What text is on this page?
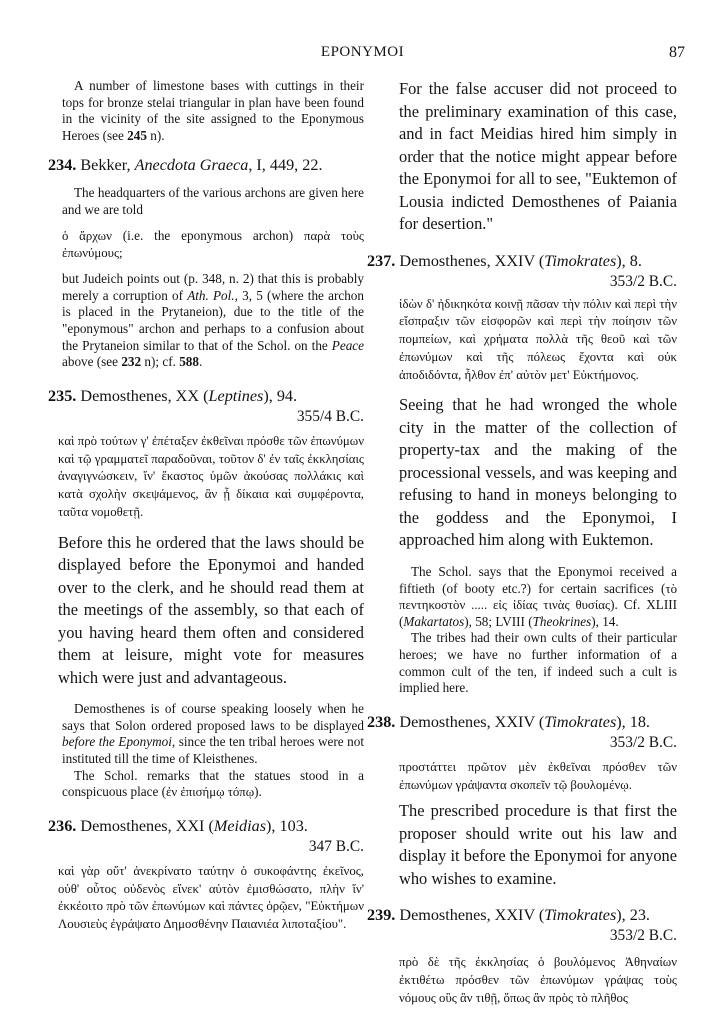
EPONYMOI	87

A number of limestone bases with cuttings in their tops for bronze stelai triangular in plan have been found in the vicinity of the site assigned to the Eponymous Heroes (see 245 n).

234. Bekker, Anecdota Graeca, I, 449, 22.

The headquarters of the various archons are given here and we are told

ὁ ἄρχων (i.e. the eponymous archon) παρὰ τοὺς ἐπωνύμους;

but Judeich points out (p. 348, n. 2) that this is probably merely a corruption of Ath. Pol., 3, 5 (where the archon is placed in the Prytaneion), due to the title of the "eponymous" archon and perhaps to a confusion about the Prytaneion similar to that of the Schol. on the Peace above (see 232 n); cf. 588.

235. Demosthenes, XX (Leptines), 94.

355/4 B.C.

καὶ πρὸ τούτων γ' ἐπέταξεν ἐκθεῖναι πρόσθε τῶν ἐπωνύμων καὶ τῷ γραμματεῖ παραδοῦναι, τοῦτον δ' ἐν ταῖς ἐκκλησίαις ἀναγιγνώσκειν, ἵν' ἕκαστος ὑμῶν ἀκούσας πολλάκις καὶ κατὰ σχολὴν σκεψάμενος, ἃν ᾖ δίκαια καὶ συμφέροντα, ταῦτα νομοθετῇ.

Before this he ordered that the laws should be displayed before the Eponymoi and handed over to the clerk, and he should read them at the meetings of the assembly, so that each of you having heard them often and considered them at leisure, might vote for measures which were just and advantageous.

Demosthenes is of course speaking loosely when he says that Solon ordered proposed laws to be displayed before the Eponymoi, since the ten tribal heroes were not instituted till the time of Kleisthenes.

The Schol. remarks that the statues stood in a conspicuous place (ἐν ἐπισήμῳ τόπῳ).

236. Demosthenes, XXI (Meidias), 103.

347 B.C.

καὶ γὰρ οὔτ' ἀνεκρίνατο ταύτην ὁ συκοφάντης ἐκεῖνος, οὐθ' οὗτος οὐδενὸς εἵνεκ' αὐτὸν ἐμισθώσατο, πλὴν ἵν' ἐκκέοιτο πρὸ τῶν ἐπωνύμων καὶ πάντες ὁρῷεν, "Εὐκτήμων Λουσιεὺς ἐγράψατο Δημοσθένην Παιανιέα λιποταξίου".

For the false accuser did not proceed to the preliminary examination of this case, and in fact Meidias hired him simply in order that the notice might appear before the Eponymoi for all to see, "Euktemon of Lousia indicted Demosthenes of Paiania for desertion."

237. Demosthenes, XXIV (Timokrates), 8.

353/2 B.C.

ἰδὼν δ' ἠδικηκότα κοινῇ πᾶσαν τὴν πόλιν καὶ περὶ τὴν εἴσπραξιν τῶν εἰσφορῶν καὶ περὶ τὴν ποίησιν τῶν πομπείων, καὶ χρήματα πολλὰ τῆς θεοῦ καὶ τῶν ἐπωνύμων καὶ τῆς πόλεως ἔχοντα καὶ οὐκ ἀποδιδόντα, ἦλθον ἐπ' αὐτὸν μετ' Εὐκτήμονος.

Seeing that he had wronged the whole city in the matter of the collection of property-tax and the making of the processional vessels, and was keeping and refusing to hand in moneys belonging to the goddess and the Eponymoi, I approached him along with Euktemon.

The Schol. says that the Eponymoi received a fiftieth (of booty etc.?) for certain sacrifices (τὸ πεντηκοστὸν ..... εἰς ἰδίας τινὰς θυσίας). Cf. XLIII (Makartatos), 58; LVIII (Theokrines), 14.

The tribes had their own cults of their particular heroes; we have no further information of a common cult of the ten, if indeed such a cult is implied here.

238. Demosthenes, XXIV (Timokrates), 18.

353/2 B.C.

προστάττει πρῶτον μὲν ἐκθεῖναι πρόσθεν τῶν ἐπωνύμων γράψαντα σκοπεῖν τῷ βουλομένῳ.

The prescribed procedure is that first the proposer should write out his law and display it before the Eponymoi for anyone who wishes to examine.

239. Demosthenes, XXIV (Timokrates), 23.

353/2 B.C.

πρὸ δὲ τῆς ἐκκλησίας ὁ βουλόμενος Ἀθηναίων ἐκτιθέτω πρόσθεν τῶν ἐπωνύμων γράψας τοὺς νόμους οὓς ἂν τιθῇ, ὅπως ἂν πρὸς τὸ πλῆθος
